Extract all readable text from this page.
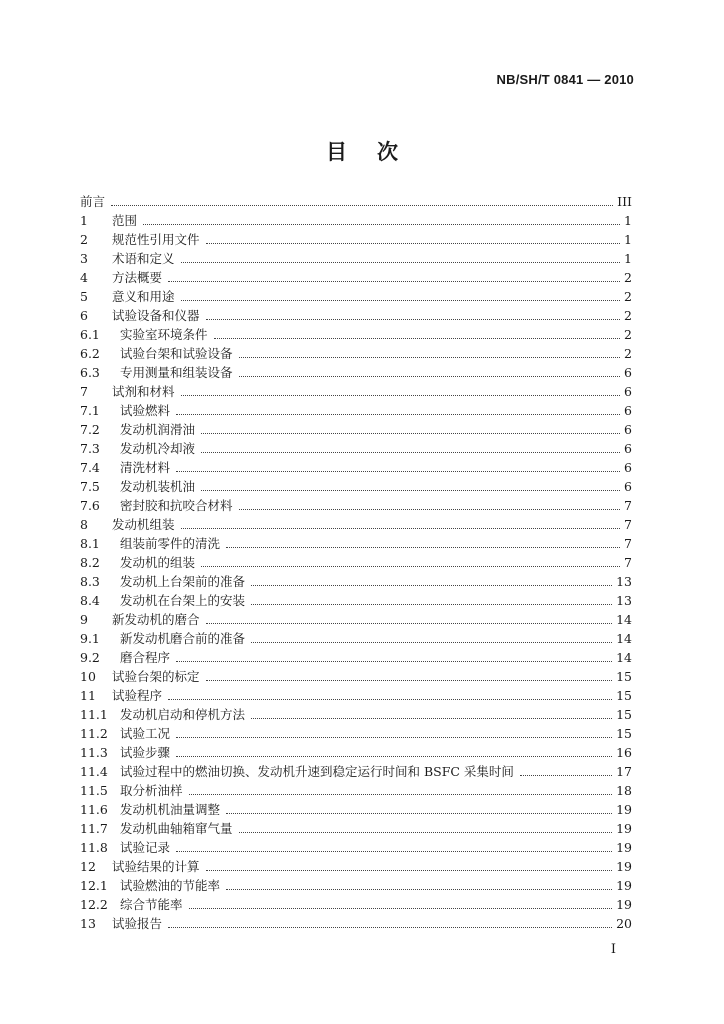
NB/SH/T 0841 — 2010
目次
前言	III
1	范围	1
2	规范性引用文件	1
3	术语和定义	1
4	方法概要	2
5	意义和用途	2
6	试验设备和仪器	2
6.1	实验室环境条件	2
6.2	试验台架和试验设备	2
6.3	专用测量和组装设备	6
7	试剂和材料	6
7.1	试验燃料	6
7.2	发动机润滑油	6
7.3	发动机冷却液	6
7.4	清洗材料	6
7.5	发动机装机油	6
7.6	密封胶和抗咬合材料	7
8	发动机组装	7
8.1	组装前零件的清洗	7
8.2	发动机的组装	7
8.3	发动机上台架前的准备	13
8.4	发动机在台架上的安装	13
9	新发动机的磨合	14
9.1	新发动机磨合前的准备	14
9.2	磨合程序	14
10	试验台架的标定	15
11	试验程序	15
11.1 发动机启动和停机方法	15
11.2 试验工况	15
11.3 试验步骤	16
11.4 试验过程中的燃油切换、发动机升速到稳定运行时间和 BSFC 采集时间	17
11.5 取分析油样	18
11.6 发动机机油量调整	19
11.7 发动机曲轴箱窜气量	19
11.8 试验记录	19
12	试验结果的计算	19
12.1 试验燃油的节能率	19
12.2 综合节能率	19
13	试验报告	20
I
